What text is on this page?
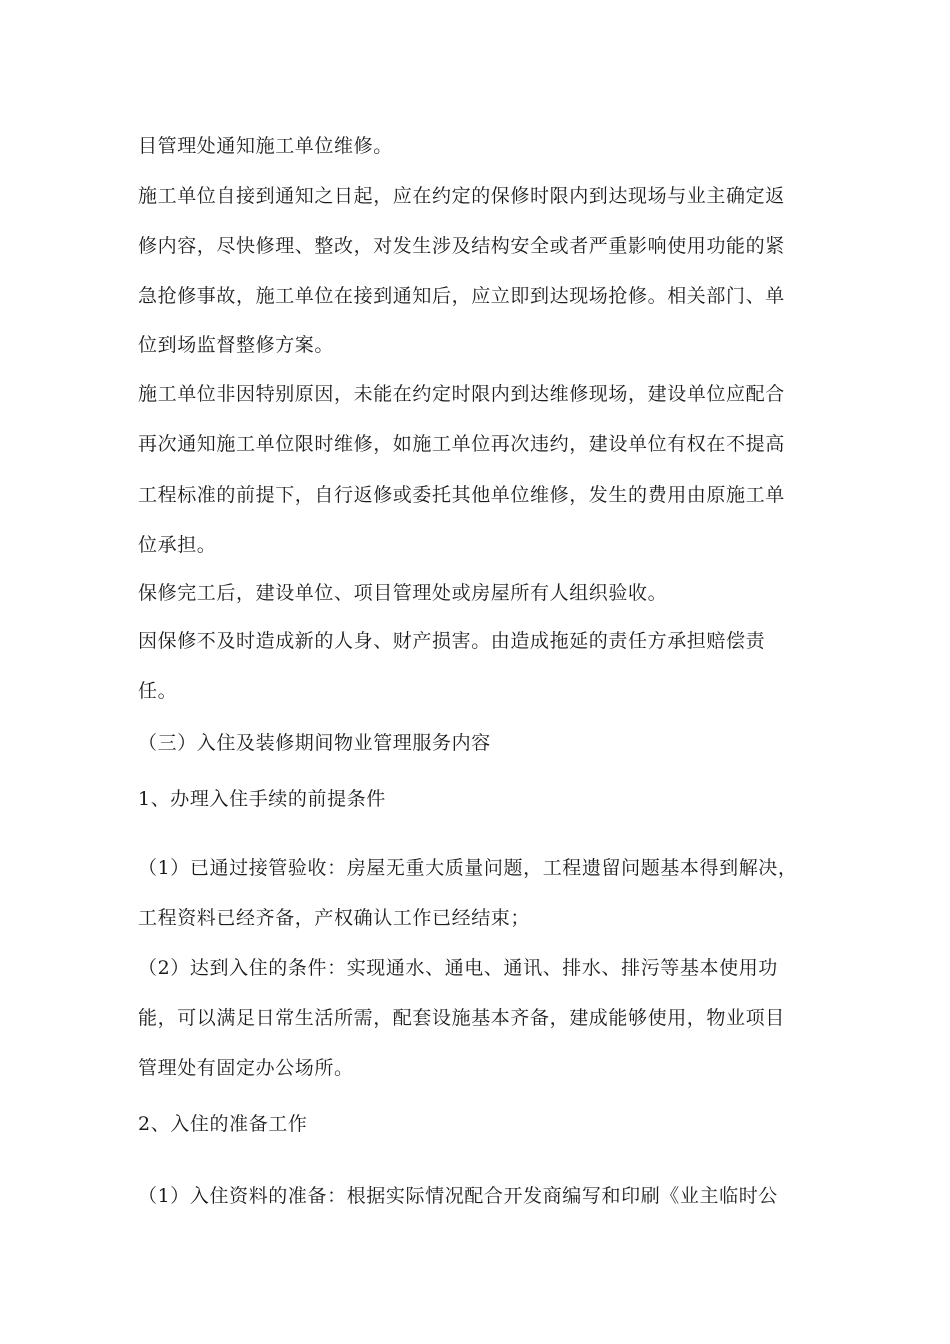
目管理处通知施工单位维修。
施工单位自接到通知之日起，应在约定的保修时限内到达现场与业主确定返
修内容，尽快修理、整改，对发生涉及结构安全或者严重影响使用功能的紧
急抢修事故，施工单位在接到通知后，应立即到达现场抢修。相关部门、单
位到场监督整修方案。
施工单位非因特别原因，未能在约定时限内到达维修现场，建设单位应配合
再次通知施工单位限时维修，如施工单位再次违约，建设单位有权在不提高
工程标准的前提下，自行返修或委托其他单位维修，发生的费用由原施工单
位承担。
保修完工后，建设单位、项目管理处或房屋所有人组织验收。
因保修不及时造成新的人身、财产损害。由造成拖延的责任方承担赔偿责
任。
（三）入住及装修期间物业管理服务内容
1、办理入住手续的前提条件
（1）已通过接管验收：房屋无重大质量问题，工程遗留问题基本得到解决，
工程资料已经齐备，产权确认工作已经结束；
（2）达到入住的条件：实现通水、通电、通讯、排水、排污等基本使用功
能，可以满足日常生活所需，配套设施基本齐备，建成能够使用，物业项目
管理处有固定办公场所。
2、入住的准备工作
（1）入住资料的准备：根据实际情况配合开发商编写和印刷《业主临时公
